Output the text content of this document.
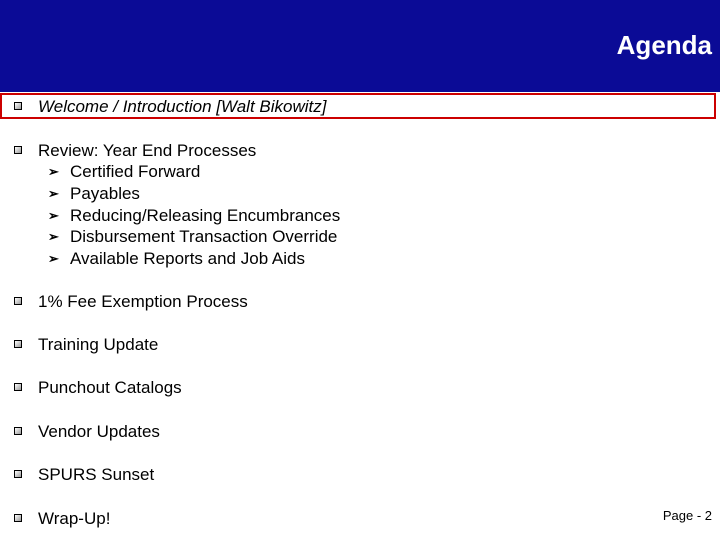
Agenda
Welcome / Introduction [Walt Bikowitz]
Review: Year End Processes
➢ Certified Forward
➢ Payables
➢ Reducing/Releasing Encumbrances
➢ Disbursement Transaction Override
➢ Available Reports and Job Aids
1% Fee Exemption Process
Training Update
Punchout Catalogs
Vendor Updates
SPURS Sunset
Wrap-Up!	Page - 2
